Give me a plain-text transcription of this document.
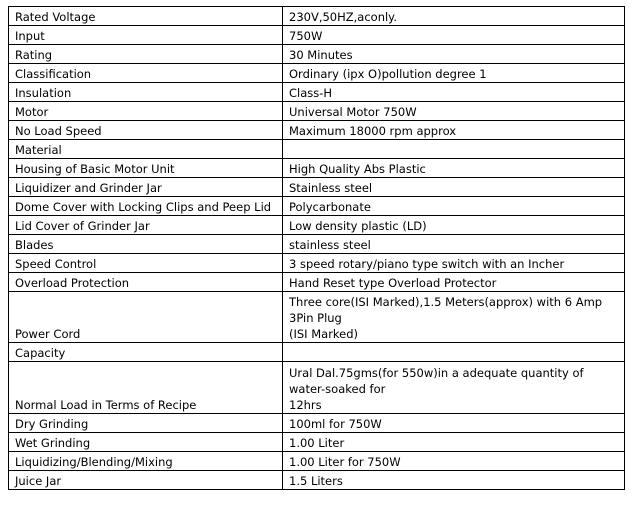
Rated Voltage	230V,50HZ,aconly.
Input	750W
Rating	30 Minutes
Classification	Ordinary (ipx O)pollution degree 1
Insulation	Class-H
Motor	Universal Motor 750W
No Load Speed	Maximum 18000 rpm approx
Material	
Housing of Basic Motor Unit	High Quality Abs Plastic
Liquidizer and Grinder Jar	Stainless steel
Dome Cover with Locking Clips and Peep Lid	Polycarbonate
Lid Cover of Grinder Jar	Low density plastic (LD)
Blades	stainless steel
Speed Control	3 speed rotary/piano type switch with an Incher
Overload Protection	Hand Reset type Overload Protector
Power Cord	Three core(ISI Marked),1.5 Meters(approx) with 6 Amp
3Pin Plug
(ISI Marked)
Capacity	
Normal Load in Terms of Recipe	Ural Dal.75gms(for 550w)in a adequate quantity of
water-soaked for
12hrs
Dry Grinding	100ml for 750W
Wet Grinding	1.00 Liter
Liquidizing/Blending/Mixing	1.00 Liter for 750W
Juice Jar	1.5 Liters
